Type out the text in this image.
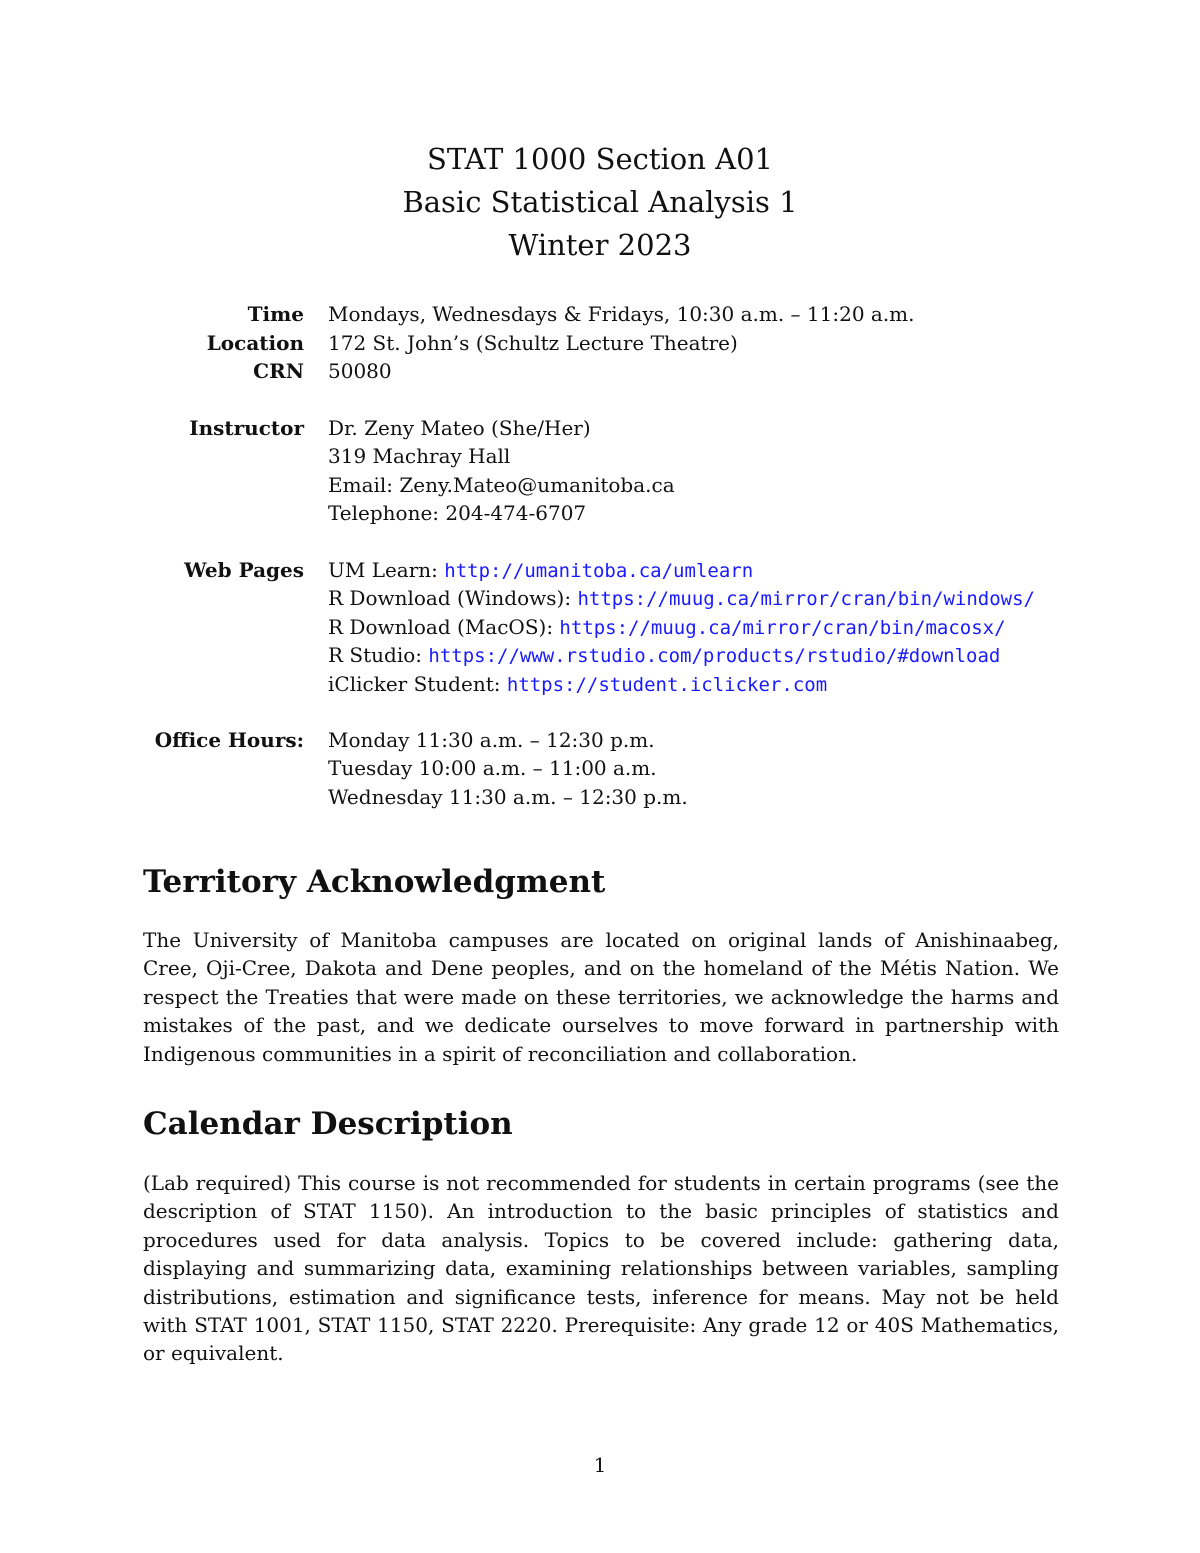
STAT 1000 Section A01
Basic Statistical Analysis 1
Winter 2023
Time Mondays, Wednesdays & Fridays, 10:30 a.m. – 11:20 a.m.
Location 172 St. John’s (Schultz Lecture Theatre)
CRN 50080
Instructor Dr. Zeny Mateo (She/Her)
319 Machray Hall
Email: Zeny.Mateo@umanitoba.ca
Telephone: 204-474-6707
Web Pages UM Learn: http://umanitoba.ca/umlearn
R Download (Windows): https://muug.ca/mirror/cran/bin/windows/
R Download (MacOS): https://muug.ca/mirror/cran/bin/macosx/
R Studio: https://www.rstudio.com/products/rstudio/#download
iClicker Student: https://student.iclicker.com
Office Hours: Monday 11:30 a.m. – 12:30 p.m.
Tuesday 10:00 a.m. – 11:00 a.m.
Wednesday 11:30 a.m. – 12:30 p.m.
Territory Acknowledgment
The University of Manitoba campuses are located on original lands of Anishinaabeg, Cree, Oji-Cree, Dakota and Dene peoples, and on the homeland of the Métis Nation. We respect the Treaties that were made on these territories, we acknowledge the harms and mistakes of the past, and we dedicate ourselves to move forward in partnership with Indigenous communities in a spirit of reconciliation and collaboration.
Calendar Description
(Lab required) This course is not recommended for students in certain programs (see the description of STAT 1150). An introduction to the basic principles of statistics and procedures used for data analysis. Topics to be covered include: gathering data, displaying and summarizing data, examining relationships between variables, sampling distributions, estimation and significance tests, inference for means. May not be held with STAT 1001, STAT 1150, STAT 2220. Prerequisite: Any grade 12 or 40S Mathematics, or equivalent.
1
